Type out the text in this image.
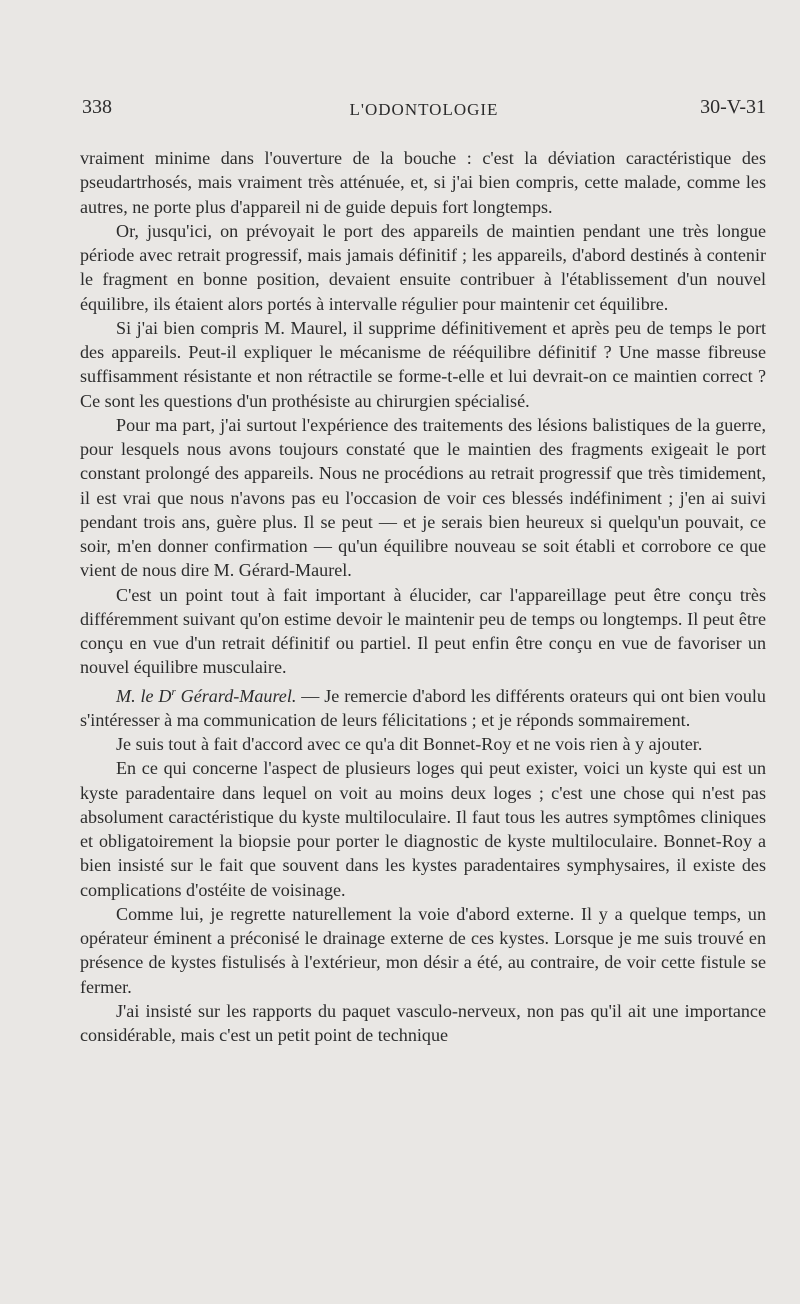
338	L'ODONTOLOGIE	30-V-31

vraiment minime dans l'ouverture de la bouche : c'est la déviation caractéristique des pseudartrhosés, mais vraiment très atténuée, et, si j'ai bien compris, cette malade, comme les autres, ne porte plus d'appareil ni de guide depuis fort longtemps.

Or, jusqu'ici, on prévoyait le port des appareils de maintien pendant une très longue période avec retrait progressif, mais jamais définitif ; les appareils, d'abord destinés à contenir le fragment en bonne position, devaient ensuite contribuer à l'établissement d'un nouvel équilibre, ils étaient alors portés à intervalle régulier pour maintenir cet équilibre.

Si j'ai bien compris M. Maurel, il supprime définitivement et après peu de temps le port des appareils. Peut-il expliquer le mécanisme de rééquilibre définitif ? Une masse fibreuse suffisamment résistante et non rétractile se forme-t-elle et lui devrait-on ce maintien correct ? Ce sont les questions d'un prothésiste au chirurgien spécialisé.

Pour ma part, j'ai surtout l'expérience des traitements des lésions balistiques de la guerre, pour lesquels nous avons toujours constaté que le maintien des fragments exigeait le port constant prolongé des appareils. Nous ne procédions au retrait progressif que très timidement, il est vrai que nous n'avons pas eu l'occasion de voir ces blessés indéfiniment ; j'en ai suivi pendant trois ans, guère plus. Il se peut — et je serais bien heureux si quelqu'un pouvait, ce soir, m'en donner confirmation — qu'un équilibre nouveau se soit établi et corrobore ce que vient de nous dire M. Gérard-Maurel.

C'est un point tout à fait important à élucider, car l'appareillage peut être conçu très différemment suivant qu'on estime devoir le maintenir peu de temps ou longtemps. Il peut être conçu en vue d'un retrait définitif ou partiel. Il peut enfin être conçu en vue de favoriser un nouvel équilibre musculaire.

M. le $D^r$ Gérard-Maurel. — Je remercie d'abord les différents orateurs qui ont bien voulu s'intéresser à ma communication de leurs félicitations ; et je réponds sommairement.

Je suis tout à fait d'accord avec ce qu'a dit Bonnet-Roy et ne vois rien à y ajouter.

En ce qui concerne l'aspect de plusieurs loges qui peut exister, voici un kyste qui est un kyste paradentaire dans lequel on voit au moins deux loges ; c'est une chose qui n'est pas absolument caractéristique du kyste multiloculaire. Il faut tous les autres symptômes cliniques et obligatoirement la biopsie pour porter le diagnostic de kyste multiloculaire. Bonnet-Roy a bien insisté sur le fait que souvent dans les kystes paradentaires symphysaires, il existe des complications d'ostéite de voisinage.

Comme lui, je regrette naturellement la voie d'abord externe. Il y a quelque temps, un opérateur éminent a préconisé le drainage externe de ces kystes. Lorsque je me suis trouvé en présence de kystes fistulisés à l'extérieur, mon désir a été, au contraire, de voir cette fistule se fermer.

J'ai insisté sur les rapports du paquet vasculo-nerveux, non pas qu'il ait une importance considérable, mais c'est un petit point de technique
